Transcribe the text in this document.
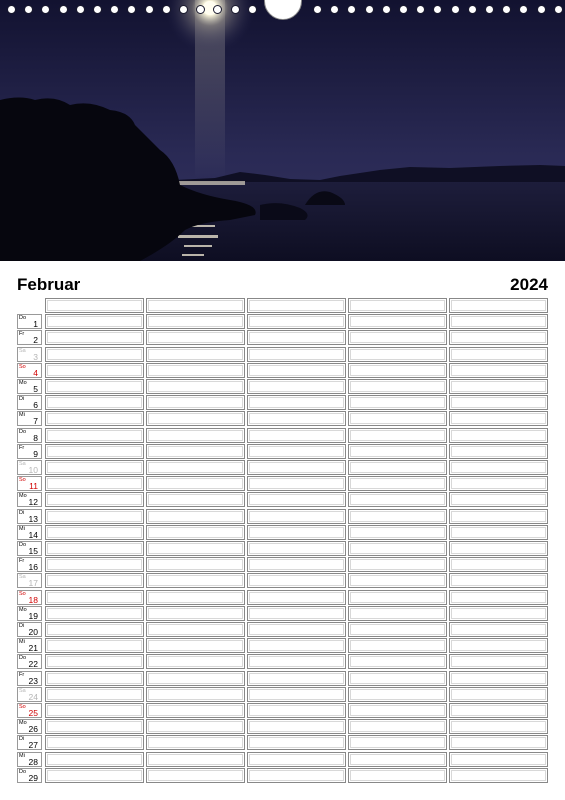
Februar	2024
Do
1
Fr
2
Sa
3
So
4
Mo
5
Di
6
Mi
7
Do
8
Fr
9
Sa
10
So
11
Mo
12
Di
13
Mi
14
Do
15
Fr
16
Sa
17
So
18
Mo
19
Di
20
Mi
21
Do
22
Fr
23
Sa
24
So
25
Mo
26
Di
27
Mi
28
Do
29
